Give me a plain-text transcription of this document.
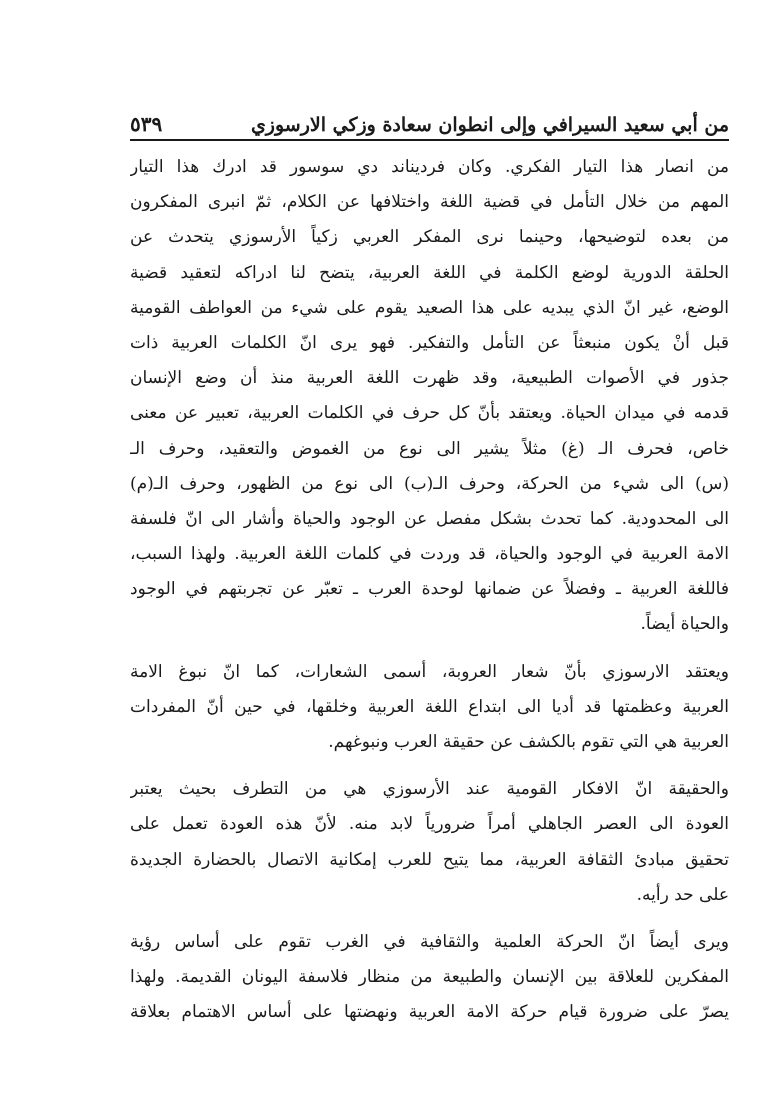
من أبي سعيد السيرافي وإلى انطوان سعادة وزكي الارسوزي
٥٣٩
من انصار هذا التيار الفكري. وكان فرديناند دي سوسور قد ادرك هذا التيار
المهم من خلال التأمل في قضية اللغة واختلافها عن الكلام، ثمّ انبرى المفكرون
من بعده لتوضيحها، وحينما نرى المفكر العربي زكياً الأرسوزي يتحدث عن
الحلقة الدورية لوضع الكلمة في اللغة العربية، يتضح لنا ادراكه لتعقيد قضية
الوضع، غير انّ الذي يبديه على هذا الصعيد يقوم على شيء من العواطف القومية
قبل أنْ يكون منبعثاً عن التأمل والتفكير. فهو يرى انّ الكلمات العربية ذات
جذور في الأصوات الطبيعية، وقد ظهرت اللغة العربية منذ أن وضع الإنسان
قدمه في ميدان الحياة. ويعتقد بأنّ كل حرف في الكلمات العربية، تعبير عن معنى
خاص، فحرف الـ (غ) مثلاً يشير الى نوع من الغموض والتعقيد، وحرف الـ
(س) الى شيء من الحركة، وحرف الـ(ب) الى نوع من الظهور، وحرف الـ(م)
الى المحدودية. كما تحدث بشكل مفصل عن الوجود والحياة وأشار الى انّ فلسفة
الامة العربية في الوجود والحياة، قد وردت في كلمات اللغة العربية. ولهذا السبب،
فاللغة العربية ـ وفضلاً عن ضمانها لوحدة العرب ـ تعبّر عن تجربتهم في الوجود
والحياة أيضاً.
ويعتقد الارسوزي بأنّ شعار العروبة، أسمى الشعارات، كما انّ نبوغ الامة
العربية وعظمتها قد أديا الى ابتداع اللغة العربية وخلقها، في حين أنّ المفردات
العربية هي التي تقوم بالكشف عن حقيقة العرب ونبوغهم.
والحقيقة انّ الافكار القومية عند الأرسوزي هي من التطرف بحيث يعتبر
العودة الى العصر الجاهلي أمراً ضرورياً لابد منه. لأنّ هذه العودة تعمل على
تحقيق مبادئ الثقافة العربية، مما يتيح للعرب إمكانية الاتصال بالحضارة الجديدة
على حد رأيه.
ويرى أيضاً انّ الحركة العلمية والثقافية في الغرب تقوم على أساس رؤية
المفكرين للعلاقة بين الإنسان والطبيعة من منظار فلاسفة اليونان القديمة. ولهذا
يصرّ على ضرورة قيام حركة الامة العربية ونهضتها على أساس الاهتمام بعلاقة
